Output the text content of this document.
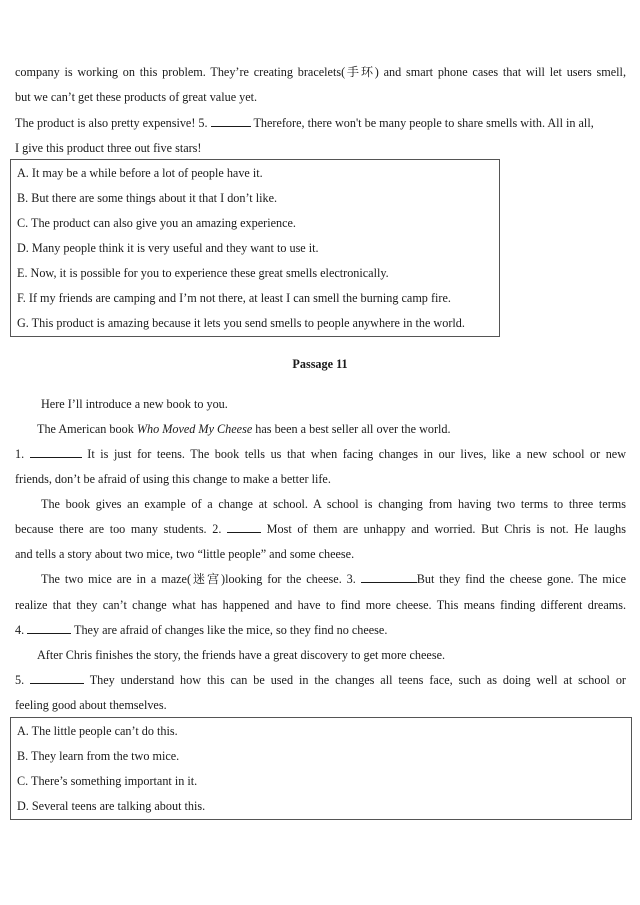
company is working on this problem. They’re creating bracelets(手环) and smart phone cases that will let users smell,
but we can’t get these products of great value yet.
The product is also pretty expensive! 5.	Therefore, there won't be many people to share smells with. All in all,
I give this product three out five stars!
A. It may be a while before a lot of people have it.
B. But there are some things about it that I don’t like.
C. The product can also give you an amazing experience.
D. Many people think it is very useful and they want to use it.
E. Now, it is possible for you to experience these great smells electronically.
F. If my friends are camping and I’m not there, at least I can smell the burning camp fire.
G. This product is amazing because it lets you send smells to people anywhere in the world.
Passage 11
Here I’ll introduce a new book to you.
The American book Who Moved My Cheese has been a best seller all over the world.
1.	It is just for teens. The book tells us that when facing changes in our lives, like a new school or new
friends, don’t be afraid of using this change to make a better life.
The book gives an example of a change at school. A school is changing from having two terms to three terms
because there are too many students. 2.	Most of them are unhappy and worried. But Chris is not. He laughs
and tells a story about two mice, two “little people” and some cheese.
The two mice are in a maze(迷宫)looking for the cheese. 3.	But they find the cheese gone. The mice
realize that they can’t change what has happened and have to find more cheese. This means finding different dreams.
4.	They are afraid of changes like the mice, so they find no cheese.
After Chris finishes the story, the friends have a great discovery to get more cheese.
5.	They understand how this can be used in the changes all teens face, such as doing well at school or
feeling good about themselves.
A. The little people can’t do this.
B. They learn from the two mice.
C. There’s something important in it.
D. Several teens are talking about this.
